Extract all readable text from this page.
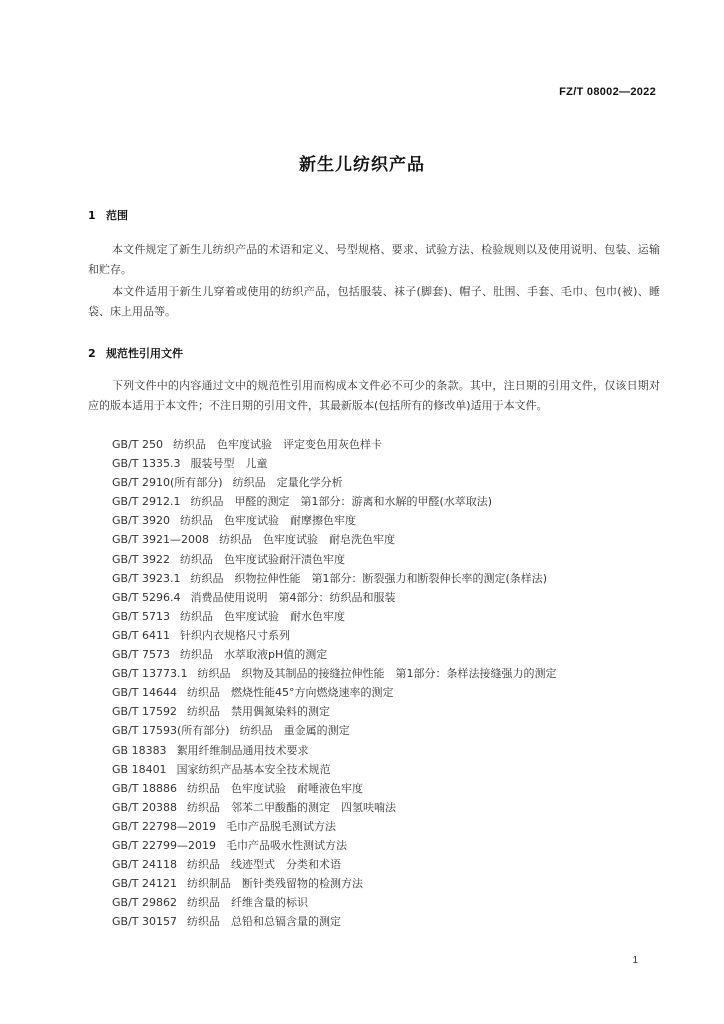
FZ/T 08002—2022
新生儿纺织产品
1 范围

本文件规定了新生儿纺织产品的术语和定义、号型规格、要求、试验方法、检验规则以及使用说明、包装、运输和贮存。

本文件适用于新生儿穿着或使用的纺织产品，包括服装、袜子(脚套)、帽子、肚围、手套、毛巾、包巾(被)、睡袋、床上用品等。

2 规范性引用文件

下列文件中的内容通过文中的规范性引用而构成本文件必不可少的条款。其中，注日期的引用文件，仅该日期对应的版本适用于本文件；不注日期的引用文件，其最新版本(包括所有的修改单)适用于本文件。

GB/T 250 纺织品　色牢度试验　评定变色用灰色样卡
GB/T 1335.3 服装号型　儿童
GB/T 2910(所有部分) 纺织品　定量化学分析
GB/T 2912.1 纺织品　甲醛的测定　第1部分：游离和水解的甲醛(水萃取法)
GB/T 3920 纺织品　色牢度试验　耐摩擦色牢度
GB/T 3921—2008 纺织品　色牢度试验　耐皂洗色牢度
GB/T 3922 纺织品　色牢度试验耐汗渍色牢度
GB/T 3923.1 纺织品　织物拉伸性能　第1部分：断裂强力和断裂伸长率的测定(条样法)
GB/T 5296.4 消费品使用说明　第4部分：纺织品和服装
GB/T 5713 纺织品　色牢度试验　耐水色牢度
GB/T 6411 针织内衣规格尺寸系列
GB/T 7573 纺织品　水萃取液pH值的测定
GB/T 13773.1 纺织品　织物及其制品的接缝拉伸性能　第1部分：条样法接缝强力的测定
GB/T 14644 纺织品　燃烧性能45°方向燃烧速率的测定
GB/T 17592 纺织品　禁用偶氮染料的测定
GB/T 17593(所有部分) 纺织品　重金属的测定
GB 18383 絮用纤维制品通用技术要求
GB 18401 国家纺织产品基本安全技术规范
GB/T 18886 纺织品　色牢度试验　耐唾液色牢度
GB/T 20388 纺织品　邻苯二甲酸酯的测定　四氢呋喃法
GB/T 22798—2019 毛巾产品脱毛测试方法
GB/T 22799—2019 毛巾产品吸水性测试方法
GB/T 24118 纺织品　线迹型式　分类和术语
GB/T 24121 纺织制品　断针类残留物的检测方法
GB/T 29862 纺织品　纤维含量的标识
GB/T 30157 纺织品　总铅和总镉含量的测定
1
